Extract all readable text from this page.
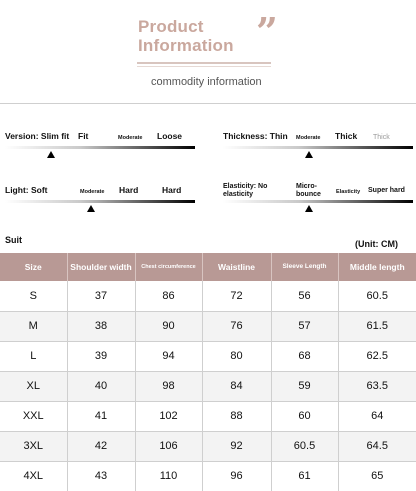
Product
Information ”
commodity information
Version: Slim fit Fit	Moderate Loose	Thickness: Thin Moderate Thick Thick
Light: Soft	Moderate Hard	Hard	Elasticity: No elasticity
Micro-bounce	Elasticity Super hard
Suit	(Unit: CM)
Size	Shoulder width	Chest circumference	Waistline	Sleeve Length	Middle length
S	37	86	72	56	60.5
M	38	90	76	57	61.5
L	39	94	80	68	62.5
XL	40	98	84	59	63.5
XXL	41	102	88	60	64
3XL	42	106	92	60.5	64.5
4XL	43	110	96	61	65
